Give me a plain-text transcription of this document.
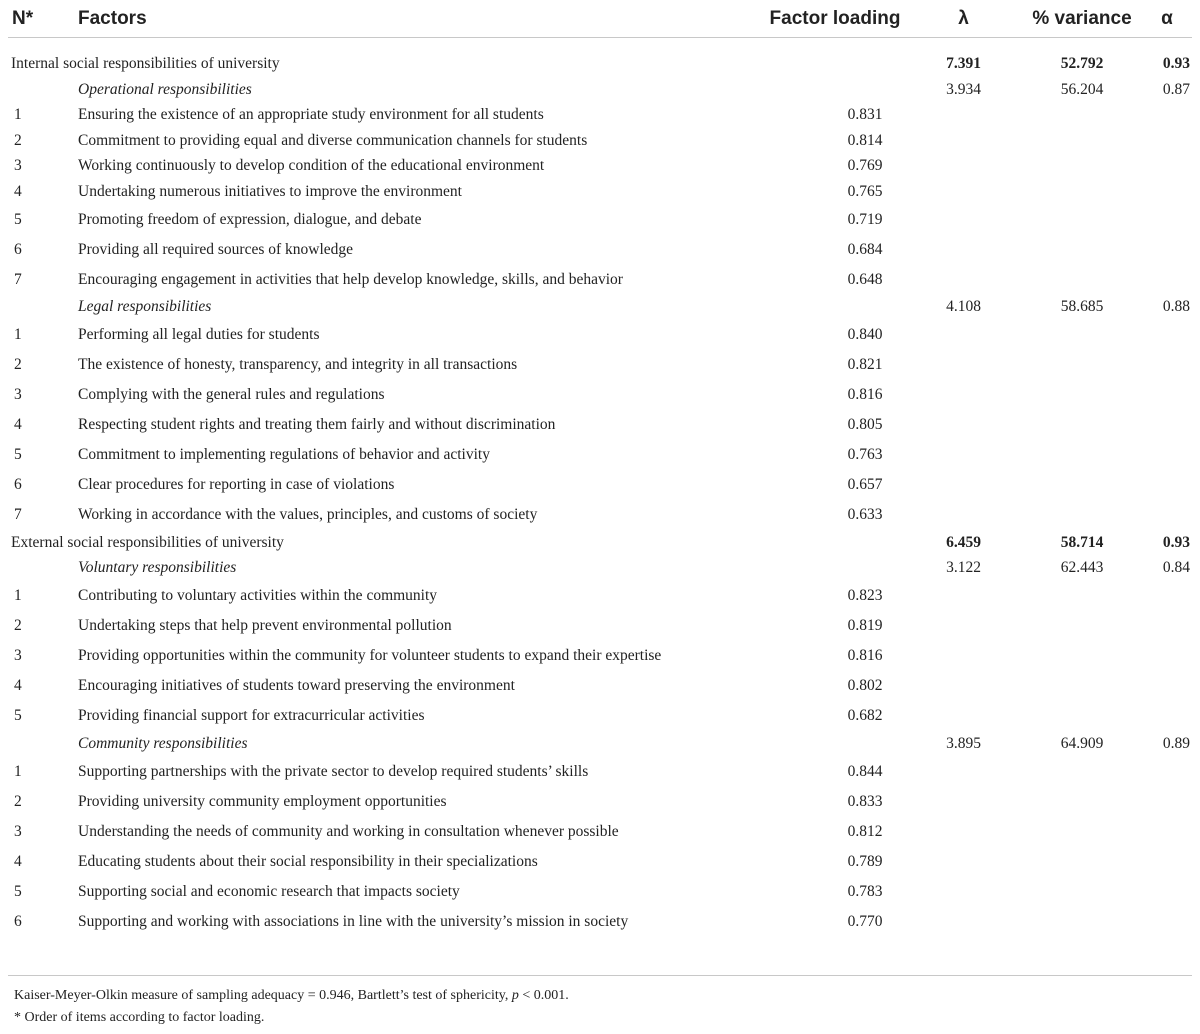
N*	Factors	Factor loading	λ	% variance	α
Internal social responsibilities of university			7.391	52.792	0.93
	Operational responsibilities		3.934	56.204	0.87
1	Ensuring the existence of an appropriate study environment for all students	0.831			
2	Commitment to providing equal and diverse communication channels for students	0.814			
3	Working continuously to develop condition of the educational environment	0.769			
4	Undertaking numerous initiatives to improve the environment	0.765			
5	Promoting freedom of expression, dialogue, and debate	0.719			
6	Providing all required sources of knowledge	0.684			
7	Encouraging engagement in activities that help develop knowledge, skills, and behavior	0.648			
	Legal responsibilities		4.108	58.685	0.88
1	Performing all legal duties for students	0.840			
2	The existence of honesty, transparency, and integrity in all transactions	0.821			
3	Complying with the general rules and regulations	0.816			
4	Respecting student rights and treating them fairly and without discrimination	0.805			
5	Commitment to implementing regulations of behavior and activity	0.763			
6	Clear procedures for reporting in case of violations	0.657			
7	Working in accordance with the values, principles, and customs of society	0.633			
External social responsibilities of university			6.459	58.714	0.93
	Voluntary responsibilities		3.122	62.443	0.84
1	Contributing to voluntary activities within the community	0.823			
2	Undertaking steps that help prevent environmental pollution	0.819			
3	Providing opportunities within the community for volunteer students to expand their expertise	0.816			
4	Encouraging initiatives of students toward preserving the environment	0.802			
5	Providing financial support for extracurricular activities	0.682			
	Community responsibilities		3.895	64.909	0.89
1	Supporting partnerships with the private sector to develop required students’ skills	0.844			
2	Providing university community employment opportunities	0.833			
3	Understanding the needs of community and working in consultation whenever possible	0.812			
4	Educating students about their social responsibility in their specializations	0.789			
5	Supporting social and economic research that impacts society	0.783			
6	Supporting and working with associations in line with the university’s mission in society	0.770			

Kaiser-Meyer-Olkin measure of sampling adequacy = 0.946, Bartlett’s test of sphericity, p < 0.001.

* Order of items according to factor loading.
